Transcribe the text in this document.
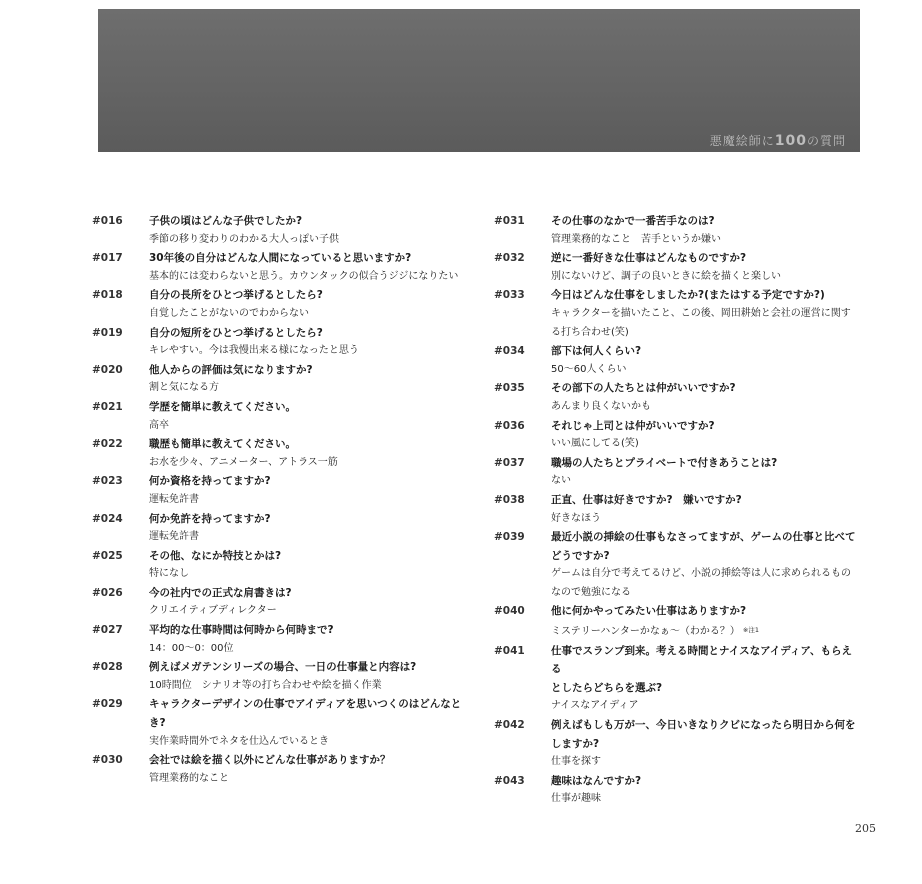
悪魔絵師に100の質問
#016	子供の頃はどんな子供でしたか?
季節の移り変わりのわかる大人っぽい子供
#017	30年後の自分はどんな人間になっていると思いますか?
基本的には変わらないと思う。カウンタックの似合うジジになりたい
#018	自分の長所をひとつ挙げるとしたら?
自覚したことがないのでわからない
#019	自分の短所をひとつ挙げるとしたら?
キレやすい。今は我慢出来る様になったと思う
#020	他人からの評価は気になりますか?
割と気になる方
#021	学歴を簡単に教えてください。
高卒
#022	職歴も簡単に教えてください。
お水を少々、アニメーター、アトラス一筋
#023	何か資格を持ってますか?
運転免許書
#024	何か免許を持ってますか?
運転免許書
#025	その他、なにか特技とかは?
特になし
#026	今の社内での正式な肩書きは?
クリエイティブディレクター
#027	平均的な仕事時間は何時から何時まで?
14：00〜0：00位
#028	例えばメガテンシリーズの場合、一日の仕事量と内容は?
10時間位　シナリオ等の打ち合わせや絵を描く作業
#029	キャラクターデザインの仕事でアイディアを思いつくのはどんなとき?
実作業時間外でネタを仕込んでいるとき
#030	会社では絵を描く以外にどんな仕事がありますか？
管理業務的なこと
#031	その仕事のなかで一番苦手なのは?
管理業務的なこと　苦手というか嫌い
#032	逆に一番好きな仕事はどんなものですか?
別にないけど、調子の良いときに絵を描くと楽しい
#033	今日はどんな仕事をしましたか?(またはする予定ですか?)
キャラクターを描いたこと、この後、岡田耕始と会社の運営に関す
る打ち合わせ(笑)
#034	部下は何人くらい?
50〜60人くらい
#035	その部下の人たちとは仲がいいですか?
あんまり良くないかも
#036	それじゃ上司とは仲がいいですか?
いい風にしてる(笑)
#037	職場の人たちとプライベートで付きあうことは?
ない
#038	正直、仕事は好きですか?　嫌いですか?
好きなほう
#039	最近小説の挿絵の仕事もなさってますが、ゲームの仕事と比べて
どうですか?
ゲームは自分で考えてるけど、小説の挿絵等は人に求められるもの
なので勉強になる
#040	他に何かやってみたい仕事はありますか?
ミステリーハンターかなぁ〜（わかる？） $^{※注1}$
#041	仕事でスランプ到来。考える時間とナイスなアイディア、もらえる
としたらどちらを選ぶ?
ナイスなアイディア
#042	例えばもしも万が一、今日いきなりクビになったら明日から何をしますか?
仕事を探す
#043	趣味はなんですか?
仕事が趣味
205
